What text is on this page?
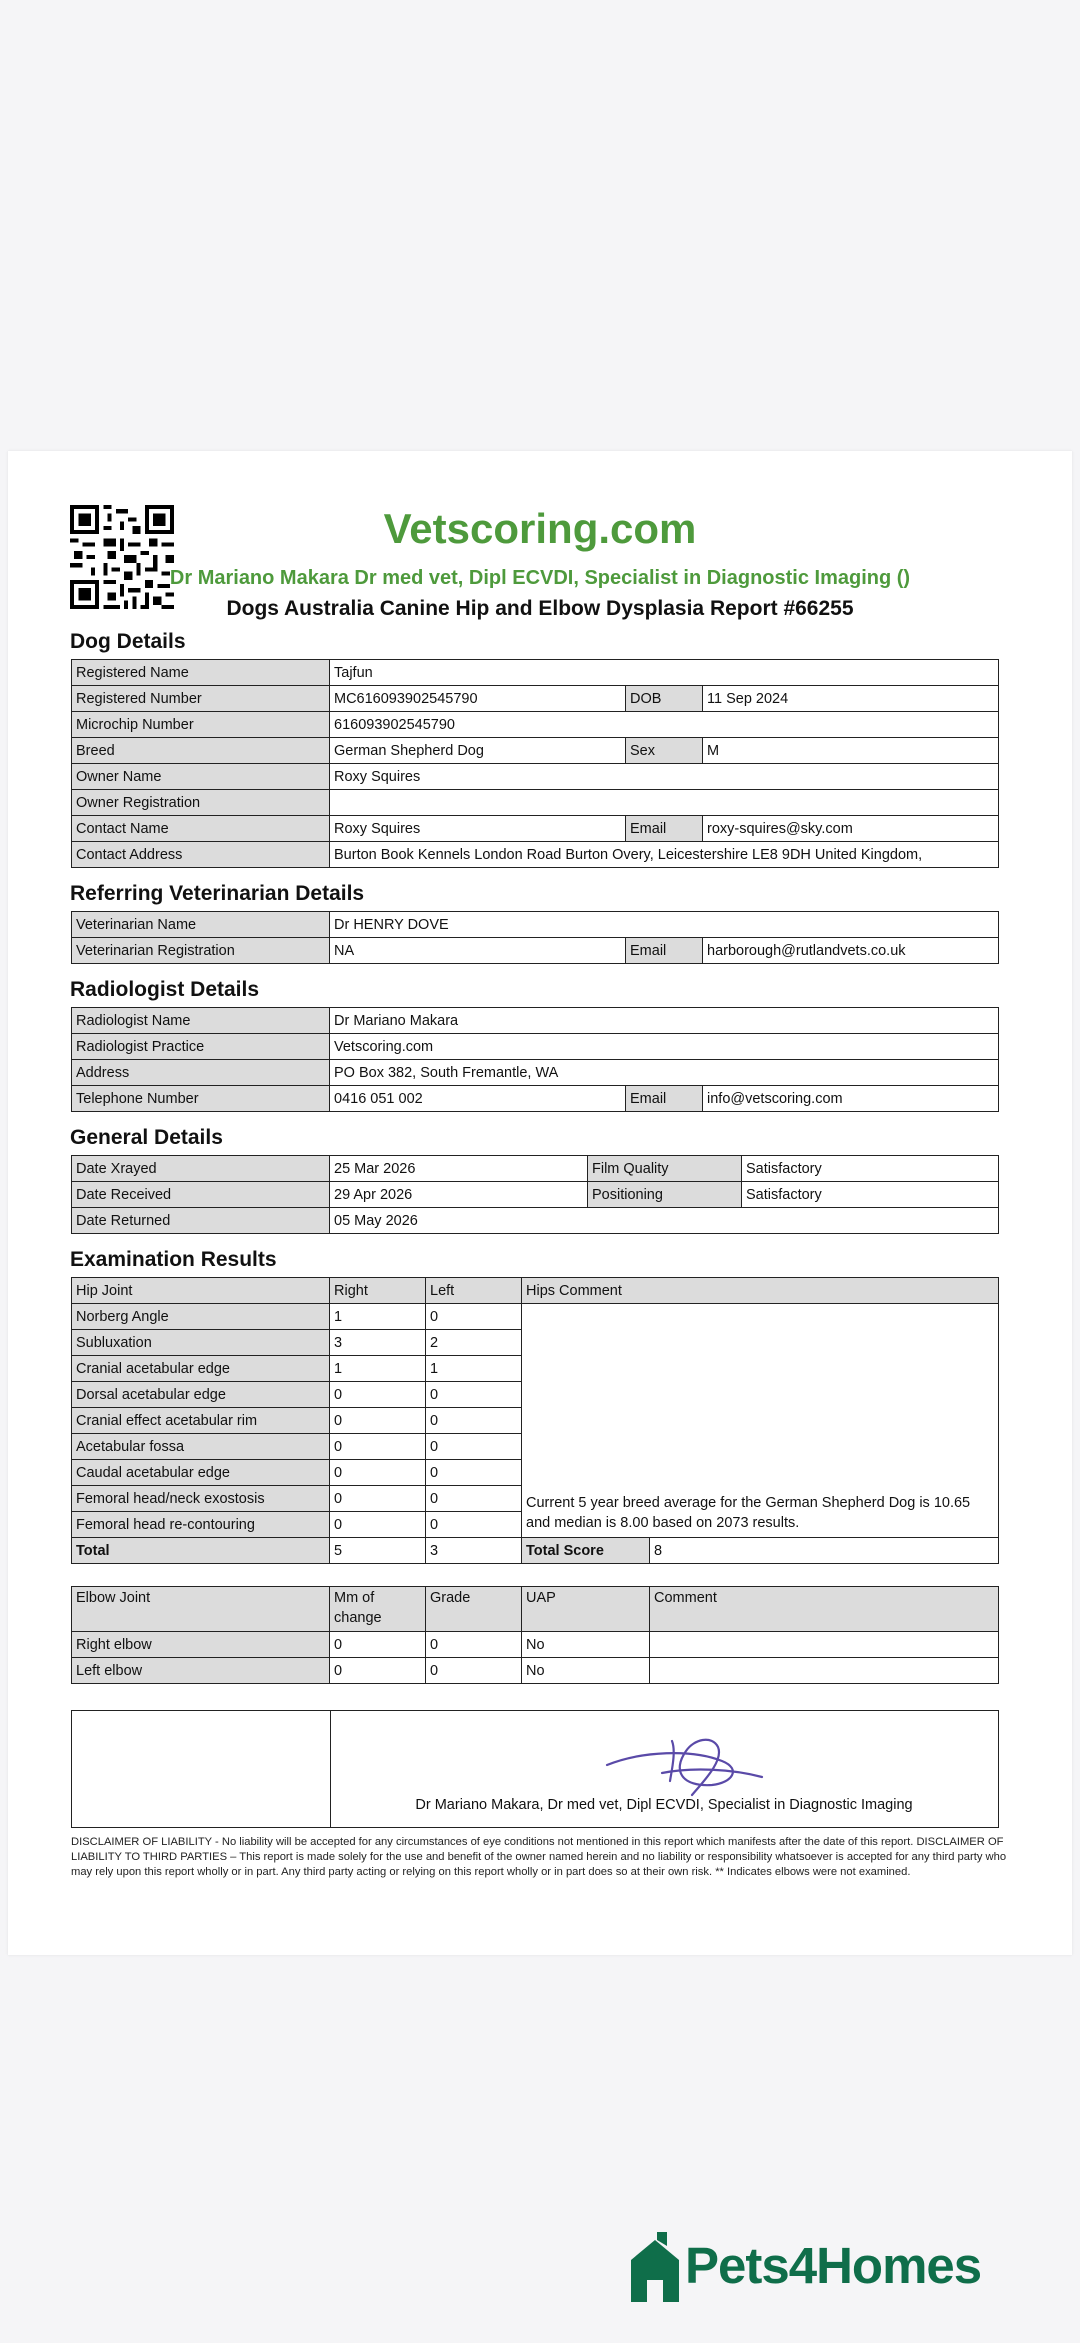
Vetscoring.com
Dr Mariano Makara Dr med vet, Dipl ECVDI, Specialist in Diagnostic Imaging ()
Dogs Australia Canine Hip and Elbow Dysplasia Report #66255
Dog Details
Registered Name	Tajfun		
Registered Number	MC616093902545790	DOB	11 Sep 2024
Microchip Number	616093902545790		
Breed	German Shepherd Dog	Sex	M
Owner Name	Roxy Squires		
Owner Registration			
Contact Name	Roxy Squires	Email	roxy-squires@sky.com
Contact Address	Burton Book Kennels London Road Burton Overy, Leicestershire LE8 9DH United Kingdom,		
Referring Veterinarian Details
Veterinarian Name	Dr HENRY DOVE		
Veterinarian Registration	NA	Email	harborough@rutlandvets.co.uk
Radiologist Details
Radiologist Name	Dr Mariano Makara		
Radiologist Practice	Vetscoring.com		
Address	PO Box 382, South Fremantle, WA		
Telephone Number	0416 051 002	Email	info@vetscoring.com
General Details
Date Xrayed	25 Mar 2026	Film Quality	Satisfactory
Date Received	29 Apr 2026	Positioning	Satisfactory
Date Returned	05 May 2026		
Examination Results
Hip Joint	Right	Left	Hips Comment	
Norberg Angle	1	0	Current 5 year breed average for the German Shepherd Dog is 10.65
and median is 8.00 based on 2073 results.	

Subluxation	3	2		
Cranial acetabular edge	1	1		
Dorsal acetabular edge	0	0		
Cranial effect acetabular rim	0	0		
Acetabular fossa	0	0		
Caudal acetabular edge	0	0		
Femoral head/neck exostosis	0	0		
Femoral head re-contouring	0	0		
Total	5	3	Total Score	8
Elbow Joint	Mm of
change	Grade	UAP	Comment
Right elbow	0	0	No	
Left elbow	0	0	No	
Dr Mariano Makara, Dr med vet, Dipl ECVDI, Specialist in Diagnostic Imaging
DISCLAIMER OF LIABILITY - No liability will be accepted for any circumstances of eye conditions not mentioned in this report which manifests after the date of this report. DISCLAIMER OF LIABILITY TO THIRD PARTIES – This report is made solely for the use and benefit of the owner named herein and no liability or responsibility whatsoever is accepted for any third party who may rely upon this report wholly or in part. Any third party acting or relying on this report wholly or in part does so at their own risk. ** Indicates elbows were not examined.
Pets4Homes
